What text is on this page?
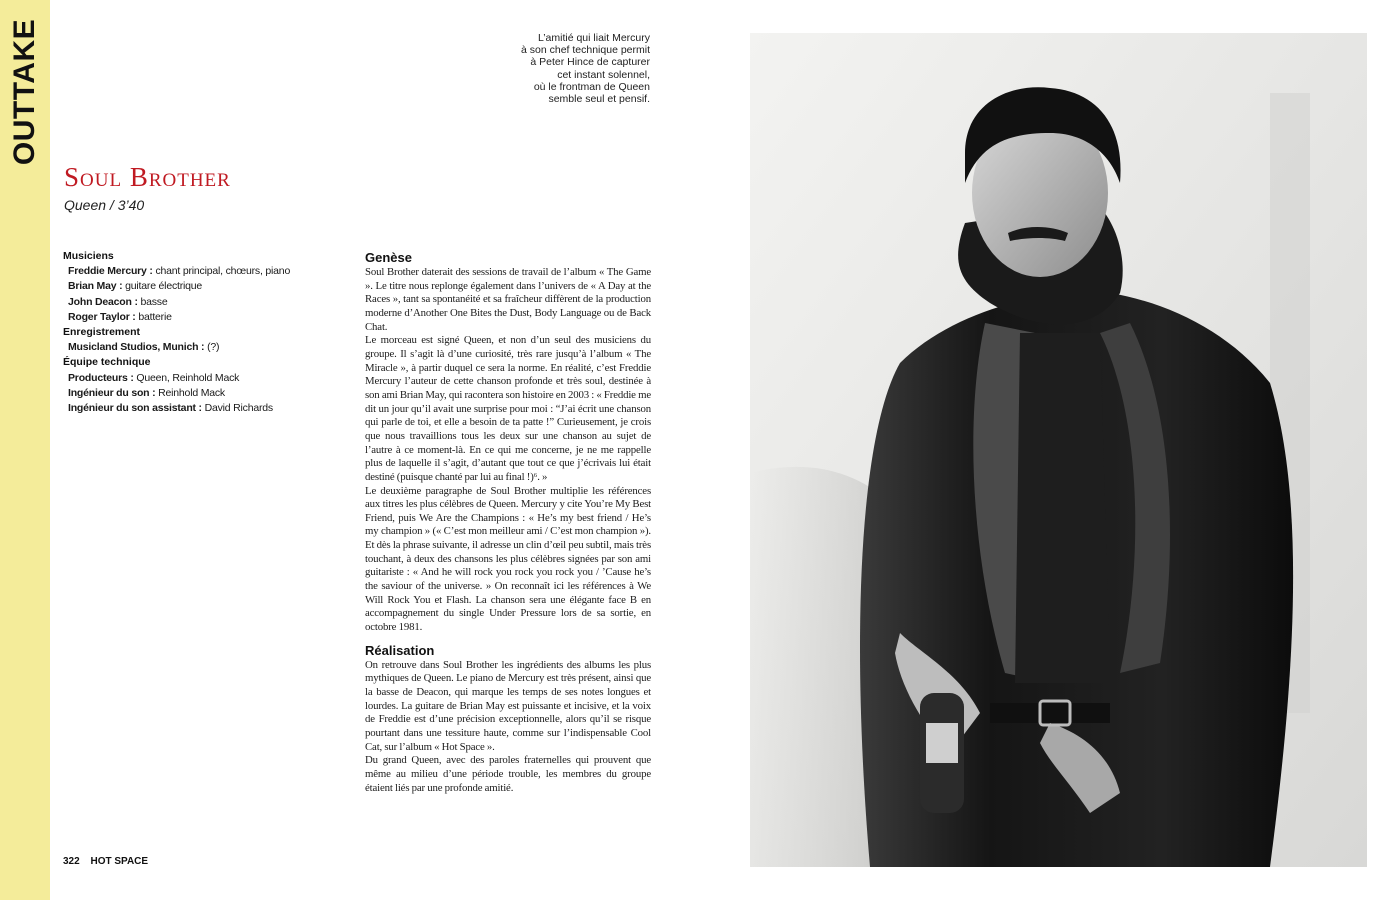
OUTTAKE	L’amitié qui liait Mercury
à son chef technique permit
à Peter Hince de capturer
cet instant solennel,
où le frontman de Queen
semble seul et pensif.
Soul Brother
Queen / 3’40
Musiciens
Freddie Mercury : chant principal, chœurs, piano
Brian May : guitare électrique
John Deacon : basse
Roger Taylor : batterie
Enregistrement
Musicland Studios, Munich : (?)
Équipe technique
Producteurs : Queen, Reinhold Mack
Ingénieur du son : Reinhold Mack
Ingénieur du son assistant : David Richards
Genèse

Soul Brother daterait des sessions de travail de l’album « The Game ». Le titre nous replonge également dans l’univers de « A Day at the Races », tant sa spontanéité et sa fraîcheur diffèrent de la production moderne d’Another One Bites the Dust, Body Language ou de Back Chat.

Le morceau est signé Queen, et non d’un seul des musiciens du groupe. Il s’agit là d’une curiosité, très rare jusqu’à l’album « The Miracle », à partir duquel ce sera la norme. En réalité, c’est Freddie Mercury l’auteur de cette chanson profonde et très soul, destinée à son ami Brian May, qui racontera son histoire en 2003 : « Freddie me dit un jour qu’il avait une surprise pour moi : “J’ai écrit une chanson qui parle de toi, et elle a besoin de ta patte !” Curieusement, je crois que nous travaillions tous les deux sur une chanson au sujet de l’autre à ce moment-là. En ce qui me concerne, je ne me rappelle plus de laquelle il s’agit, d’autant que tout ce que j’écrivais lui était destiné (puisque chanté par lui au final !)⁶. »

Le deuxième paragraphe de Soul Brother multiplie les références aux titres les plus célèbres de Queen. Mercury y cite You’re My Best Friend, puis We Are the Champions : « He’s my best friend / He’s my champion » (« C’est mon meilleur ami / C’est mon champion »). Et dès la phrase suivante, il adresse un clin d’œil peu subtil, mais très touchant, à deux des chansons les plus célèbres signées par son ami guitariste : « And he will rock you rock you rock you / ’Cause he’s the saviour of the universe. » On reconnaît ici les références à We Will Rock You et Flash. La chanson sera une élégante face B en accompagnement du single Under Pressure lors de sa sortie, en octobre 1981.

Réalisation

On retrouve dans Soul Brother les ingrédients des albums les plus mythiques de Queen. Le piano de Mercury est très présent, ainsi que la basse de Deacon, qui marque les temps de ses notes longues et lourdes. La guitare de Brian May est puissante et incisive, et la voix de Freddie est d’une précision exceptionnelle, alors qu’il se risque pourtant dans une tessiture haute, comme sur l’indispensable Cool Cat, sur l’album « Hot Space ».

Du grand Queen, avec des paroles fraternelles qui prouvent que même au milieu d’une période trouble, les membres du groupe étaient liés par une profonde amitié.

322 HOT SPACE
